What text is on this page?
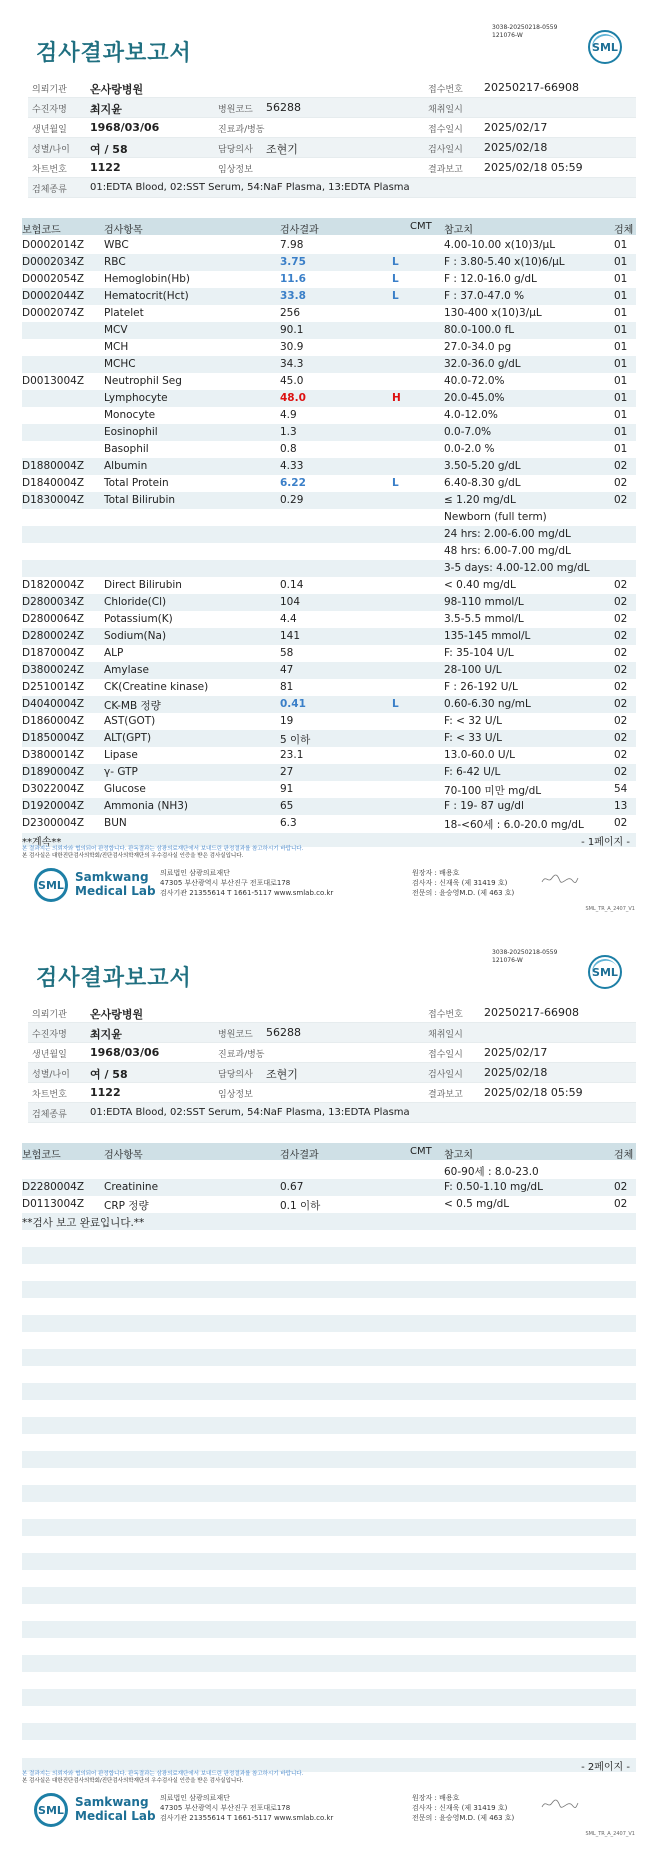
3038-20250218-0559
121076-W
검사결과보고서	SML
의뢰기관 온사랑병원	접수번호 20250217-66908
수진자명 최지윤	병원코드 56288	채취일시
생년월일 1968/03/06	진료과/병동	접수일시 2025/02/17
성별/나이 여 / 58	담당의사 조현기	검사일시 2025/02/18
차트번호 1122	임상정보	결과보고 2025/02/18 05:59
검체종류 01:EDTA Blood, 02:SST Serum, 54:NaF Plasma, 13:EDTA Plasma
보험코드	검사항목	검사결과	CMT 참고치	검체
D0002014Z WBC	7.98	4.00-10.00 x(10)3/μL	01
D0002034Z RBC	3.75	L	F : 3.80-5.40 x(10)6/μL	01
D0002054Z Hemoglobin(Hb)	11.6	L	F : 12.0-16.0 g/dL	01
D0002044Z Hematocrit(Hct)	33.8	L	F : 37.0-47.0 %	01
D0002074Z Platelet	256	130-400 x(10)3/μL	01
MCV	90.1	80.0-100.0 fL	01
MCH	30.9	27.0-34.0 pg	01
MCHC	34.3	32.0-36.0 g/dL	01
D0013004Z Neutrophil Seg	45.0	40.0-72.0%	01
Lymphocyte	48.0	H	20.0-45.0%	01
Monocyte	4.9	4.0-12.0%	01
Eosinophil	1.3	0.0-7.0%	01
Basophil	0.8	0.0-2.0 %	01
D1880004Z Albumin	4.33	3.50-5.20 g/dL	02
D1840004Z Total Protein	6.22	L	6.40-8.30 g/dL	02
D1830004Z Total Bilirubin	0.29	≤ 1.20 mg/dL	02
Newborn (full term)
24 hrs: 2.00-6.00 mg/dL
48 hrs: 6.00-7.00 mg/dL
3-5 days: 4.00-12.00 mg/dL
D1820004Z Direct Bilirubin	0.14	< 0.40 mg/dL	02
D2800034Z Chloride(Cl)	104	98-110 mmol/L	02
D2800064Z Potassium(K)	4.4	3.5-5.5 mmol/L	02
D2800024Z Sodium(Na)	141	135-145 mmol/L	02
D1870004Z ALP	58	F: 35-104 U/L	02
D3800024Z Amylase	47	28-100 U/L	02
D2510014Z CK(Creatine kinase)	81	F : 26-192 U/L	02
D4040004Z CK-MB 정량	0.41	L	0.60-6.30 ng/mL	02
D1860004Z AST(GOT)	19	F: < 32 U/L	02
D1850004Z ALT(GPT)	5 이하	F: < 33 U/L	02
D3800014Z Lipase	23.1	13.0-60.0 U/L	02
D1890004Z γ- GTP	27	F: 6-42 U/L	02
D3022004Z Glucose	91	70-100 미만 mg/dL	54
D1920004Z Ammonia (NH3)	65	F : 19- 87 ug/dl	13
D2300004Z BUN	6.3	18-<60세 : 6.0-20.0 mg/dL	02
**계속**	- 1페이지 -
본 결과지는 의뢰자와 협의되어 판정합니다. 판독결과는 삼광의료재단에서 보내드린 판정결과를 참고하시기 바랍니다.
본 검사실은 대한진단검사의학회/진단검사의학재단의 우수검사실 인증을 받은 검사실입니다.
SML
Samkwang
Medical Lab
의료법인 삼광의료재단
47305 부산광역시 부산진구 전포대로178
검사기관 21355614 T 1661-5117 www.smlab.co.kr
원장자 : 배용호
검사자 : 신재욱 (제 31419 호)
전문의 : 윤승영M.D. (제 463 호)
SML_TR_A_2407_V1
3038-20250218-0559
121076-W
검사결과보고서	SML
의뢰기관 온사랑병원	접수번호 20250217-66908
수진자명 최지윤	병원코드 56288	채취일시
생년월일 1968/03/06	진료과/병동	접수일시 2025/02/17
성별/나이 여 / 58	담당의사 조현기	검사일시 2025/02/18
차트번호 1122	임상정보	결과보고 2025/02/18 05:59
검체종류 01:EDTA Blood, 02:SST Serum, 54:NaF Plasma, 13:EDTA Plasma
보험코드	검사항목	검사결과	CMT 참고치	검체
60-90세 : 8.0-23.0
D2280004Z Creatinine	0.67	F: 0.50-1.10 mg/dL	02
D0113004Z CRP 정량	0.1 이하	< 0.5 mg/dL	02
**검사 보고 완료입니다.**
- 2페이지 -
본 결과지는 의뢰자와 협의되어 판정합니다. 판독결과는 삼광의료재단에서 보내드린 판정결과를 참고하시기 바랍니다.
본 검사실은 대한진단검사의학회/진단검사의학재단의 우수검사실 인증을 받은 검사실입니다.
SML
Samkwang
Medical Lab
의료법인 삼광의료재단
47305 부산광역시 부산진구 전포대로178
검사기관 21355614 T 1661-5117 www.smlab.co.kr
원장자 : 배용호
검사자 : 신재욱 (제 31419 호)
전문의 : 윤승영M.D. (제 463 호)
SML_TR_A_2407_V1
